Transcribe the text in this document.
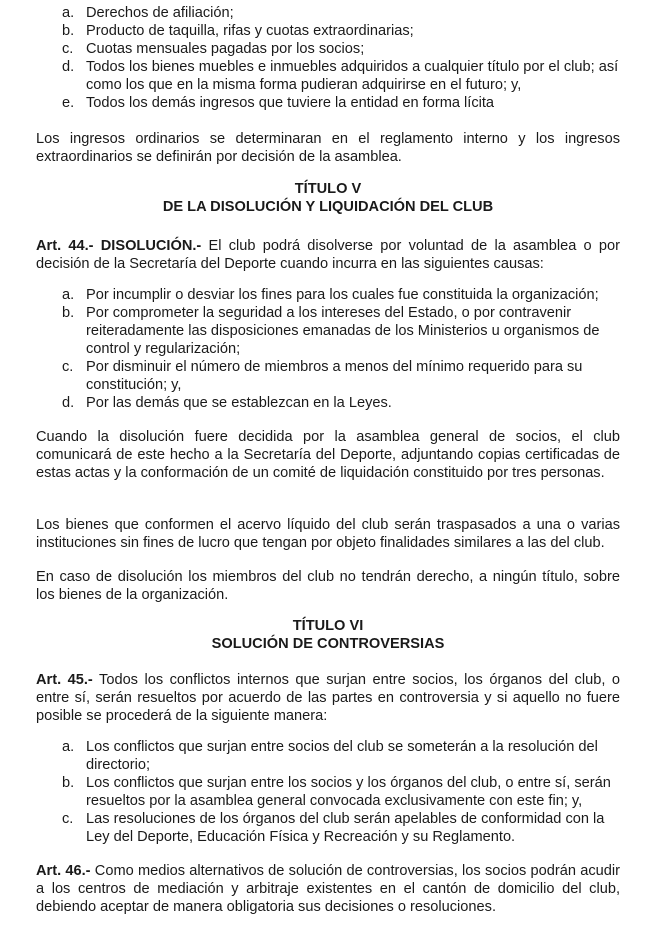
a. Derechos de afiliación;
b. Producto de taquilla, rifas y cuotas extraordinarias;
c. Cuotas mensuales pagadas por los socios;
d. Todos los bienes muebles e inmuebles adquiridos a cualquier título por el club; así como los que en la misma forma pudieran adquirirse en el futuro; y,
e. Todos los demás ingresos que tuviere la entidad en forma lícita

Los ingresos ordinarios se determinaran en el reglamento interno y los ingresos extraordinarios se definirán por decisión de la asamblea.

TÍTULO V

DE LA DISOLUCIÓN Y LIQUIDACIÓN DEL CLUB

Art. 44.- DISOLUCIÓN.- El club podrá disolverse por voluntad de la asamblea o por decisión de la Secretaría del Deporte cuando incurra en las siguientes causas:

a. Por incumplir o desviar los fines para los cuales fue constituida la organización;
b. Por comprometer la seguridad a los intereses del Estado, o por contravenir reiteradamente las disposiciones emanadas de los Ministerios u organismos de control y regularización;
c. Por disminuir el número de miembros a menos del mínimo requerido para su constitución; y,
d. Por las demás que se establezcan en la Leyes.

Cuando la disolución fuere decidida por la asamblea general de socios, el club comunicará de este hecho a la Secretaría del Deporte, adjuntando copias certificadas de estas actas y la conformación de un comité de liquidación constituido por tres personas.

Los bienes que conformen el acervo líquido del club serán traspasados a una o varias instituciones sin fines de lucro que tengan por objeto finalidades similares a las del club.

En caso de disolución los miembros del club no tendrán derecho, a ningún título, sobre los bienes de la organización.

TÍTULO VI

SOLUCIÓN DE CONTROVERSIAS

Art. 45.- Todos los conflictos internos que surjan entre socios, los órganos del club, o entre sí, serán resueltos por acuerdo de las partes en controversia y si aquello no fuere posible se procederá de la siguiente manera:

a. Los conflictos que surjan entre socios del club se someterán a la resolución del directorio;
b. Los conflictos que surjan entre los socios y los órganos del club, o entre sí, serán resueltos por la asamblea general convocada exclusivamente con este fin; y,
c. Las resoluciones de los órganos del club serán apelables de conformidad con la Ley del Deporte, Educación Física y Recreación y su Reglamento.

Art. 46.- Como medios alternativos de solución de controversias, los socios podrán acudir a los centros de mediación y arbitraje existentes en el cantón de domicilio del club, debiendo aceptar de manera obligatoria sus decisiones o resoluciones.
